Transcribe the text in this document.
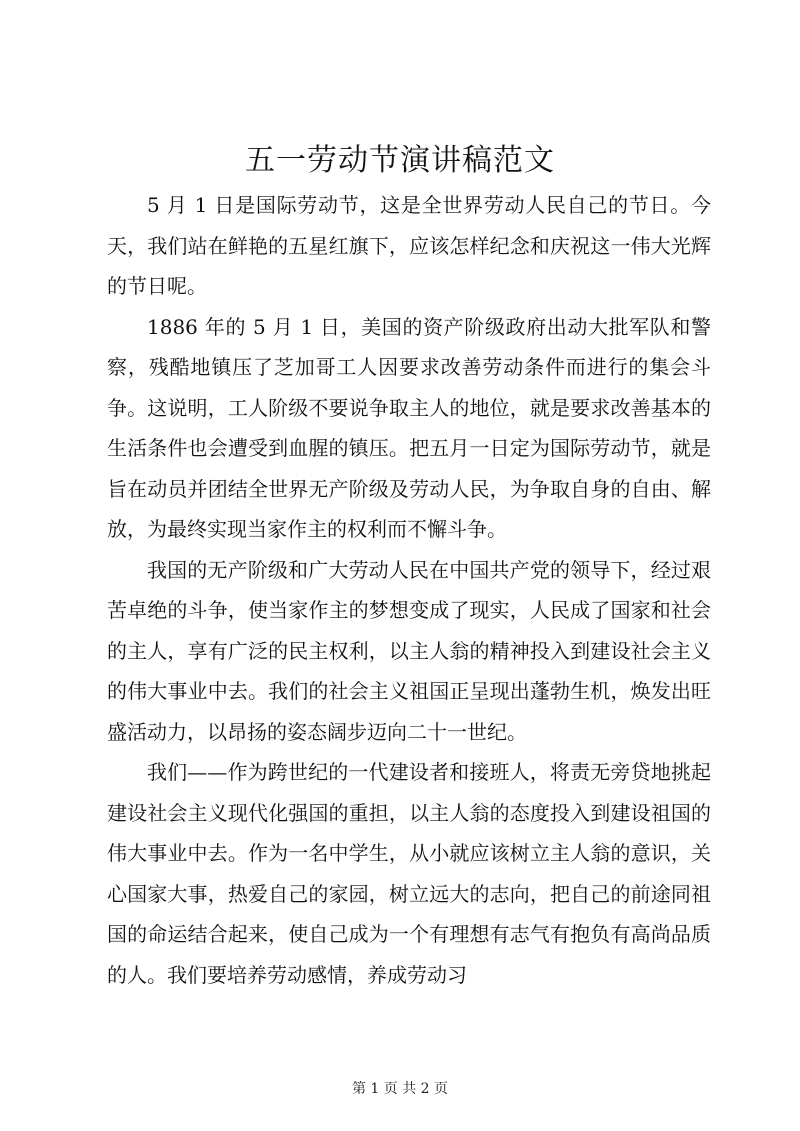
五一劳动节演讲稿范文

5 月 1 日是国际劳动节，这是全世界劳动人民自己的节日。今天，我们站在鲜艳的五星红旗下，应该怎样纪念和庆祝这一伟大光辉的节日呢。

1886 年的 5 月 1 日，美国的资产阶级政府出动大批军队和警察，残酷地镇压了芝加哥工人因要求改善劳动条件而进行的集会斗争。这说明，工人阶级不要说争取主人的地位，就是要求改善基本的生活条件也会遭受到血腥的镇压。把五月一日定为国际劳动节，就是旨在动员并团结全世界无产阶级及劳动人民，为争取自身的自由、解放，为最终实现当家作主的权利而不懈斗争。

我国的无产阶级和广大劳动人民在中国共产党的领导下，经过艰苦卓绝的斗争，使当家作主的梦想变成了现实，人民成了国家和社会的主人，享有广泛的民主权利，以主人翁的精神投入到建设社会主义的伟大事业中去。我们的社会主义祖国正呈现出蓬勃生机，焕发出旺盛活动力，以昂扬的姿态阔步迈向二十一世纪。

我们——作为跨世纪的一代建设者和接班人，将责无旁贷地挑起建设社会主义现代化强国的重担，以主人翁的态度投入到建设祖国的伟大事业中去。作为一名中学生，从小就应该树立主人翁的意识，关心国家大事，热爱自己的家园，树立远大的志向，把自己的前途同祖国的命运结合起来，使自己成为一个有理想有志气有抱负有高尚品质的人。我们要培养劳动感情，养成劳动习

第 1 页 共 2 页
